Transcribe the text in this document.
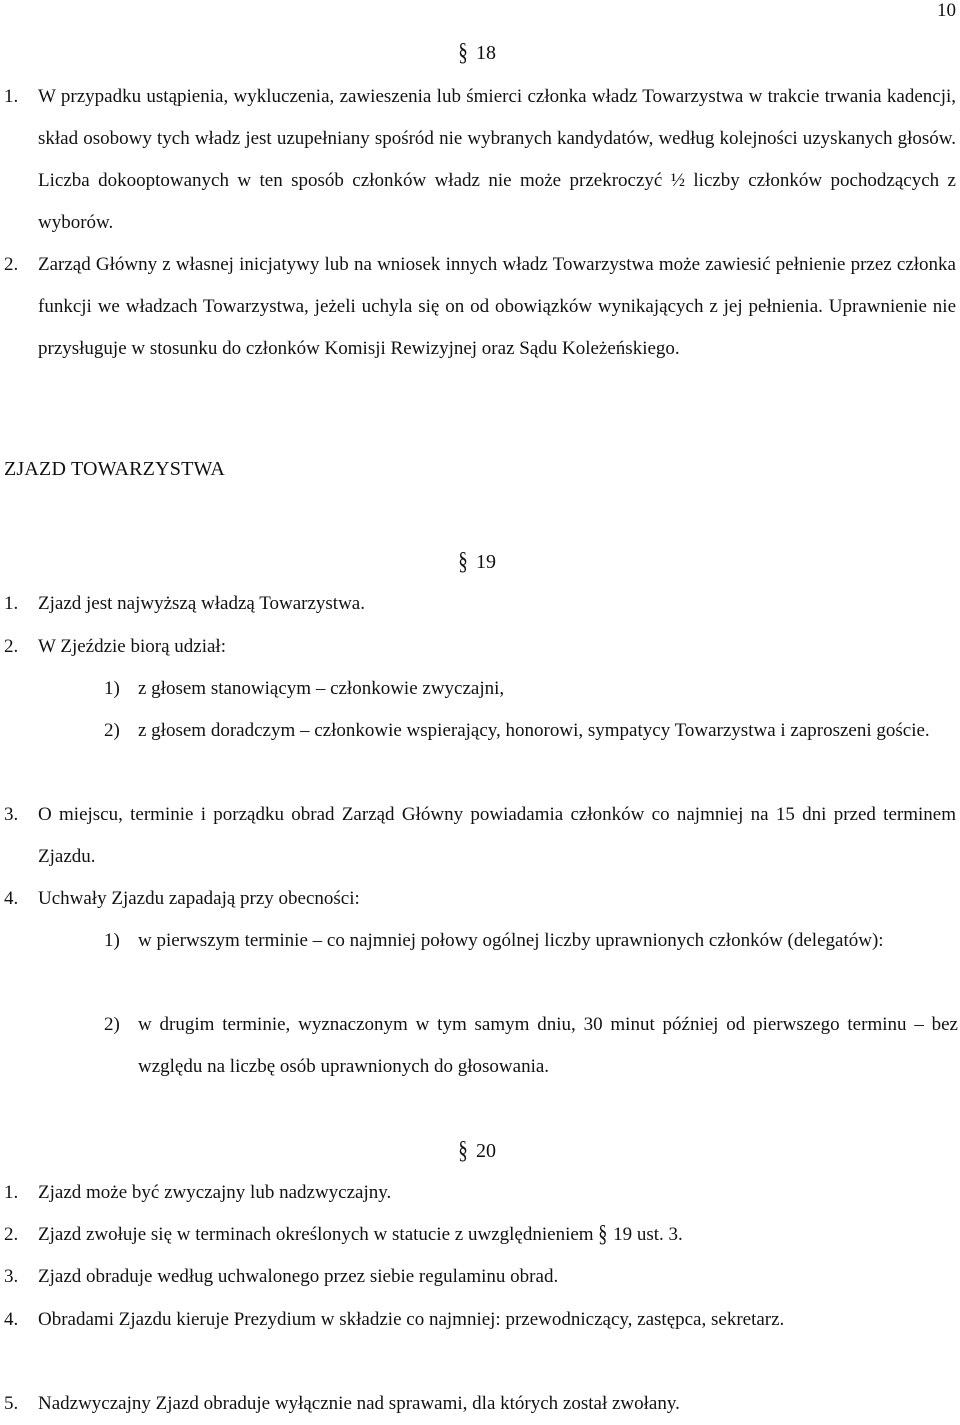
10
§ 18
1. W przypadku ustąpienia, wykluczenia, zawieszenia lub śmierci członka władz Towarzystwa w trakcie trwania kadencji, skład osobowy tych władz jest uzupełniany spośród nie wybranych kandydatów, według kolejności uzyskanych głosów. Liczba dokooptowanych w ten sposób członków władz nie może przekroczyć ½ liczby członków pochodzących z wyborów.
2. Zarząd Główny z własnej inicjatywy lub na wniosek innych władz Towarzystwa może zawiesić pełnienie przez członka funkcji we władzach Towarzystwa, jeżeli uchyla się on od obowiązków wynikających z jej pełnienia. Uprawnienie nie przysługuje w stosunku do członków Komisji Rewizyjnej oraz Sądu Koleżeńskiego.
ZJAZD TOWARZYSTWA
§ 19
1. Zjazd jest najwyższą władzą Towarzystwa.
2. W Zjeździe biorą udział:
1) z głosem stanowiącym – członkowie zwyczajni,
2) z głosem doradczym – członkowie wspierający, honorowi, sympatycy Towarzystwa i zaproszeni goście.
3. O miejscu, terminie i porządku obrad Zarząd Główny powiadamia członków co najmniej na 15 dni przed terminem Zjazdu.
4. Uchwały Zjazdu zapadają przy obecności:
1) w pierwszym terminie – co najmniej połowy ogólnej liczby uprawnionych członków (delegatów):
2) w drugim terminie, wyznaczonym w tym samym dniu, 30 minut później od pierwszego terminu – bez względu na liczbę osób uprawnionych do głosowania.
§ 20
1. Zjazd może być zwyczajny lub nadzwyczajny.
2. Zjazd zwołuje się w terminach określonych w statucie z uwzględnieniem § 19 ust. 3.
3. Zjazd obraduje według uchwalonego przez siebie regulaminu obrad.
4. Obradami Zjazdu kieruje Prezydium w składzie co najmniej: przewodniczący, zastępca, sekretarz.
5. Nadzwyczajny Zjazd obraduje wyłącznie nad sprawami, dla których został zwołany.
